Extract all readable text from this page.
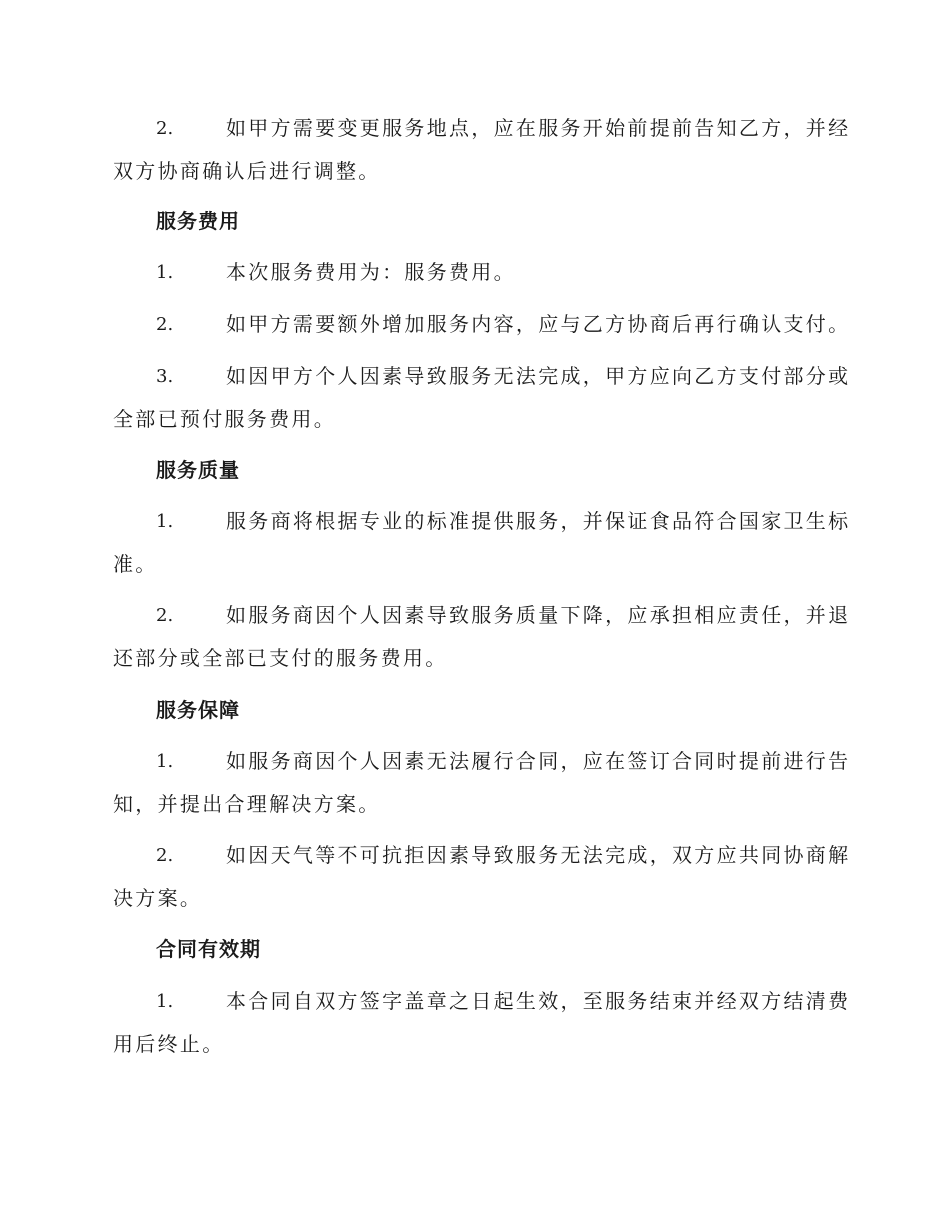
2.	如甲方需要变更服务地点，应在服务开始前提前告知乙方，并经
双方协商确认后进行调整。
服务费用
1.	本次服务费用为：服务费用。
2.	如甲方需要额外增加服务内容，应与乙方协商后再行确认支付。
3.	如因甲方个人因素导致服务无法完成，甲方应向乙方支付部分或
全部已预付服务费用。
服务质量
1.	服务商将根据专业的标准提供服务，并保证食品符合国家卫生标
准。
2.	如服务商因个人因素导致服务质量下降，应承担相应责任，并退
还部分或全部已支付的服务费用。
服务保障
1.	如服务商因个人因素无法履行合同，应在签订合同时提前进行告
知，并提出合理解决方案。
2.	如因天气等不可抗拒因素导致服务无法完成，双方应共同协商解
决方案。
合同有效期
1.	本合同自双方签字盖章之日起生效，至服务结束并经双方结清费
用后终止。
